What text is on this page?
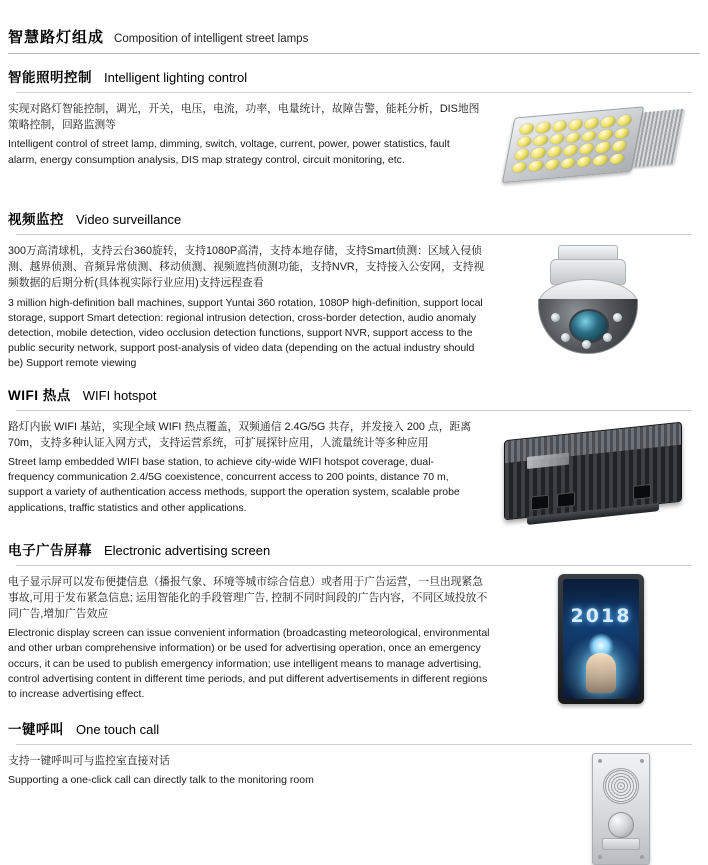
智慧路灯组成 Composition of intelligent street lamps
智能照明控制 Intelligent lighting control

实现对路灯智能控制，调光，开关，电压，电流，功率，电量统计，故障告警，能耗分析，DIS地图策略控制，回路监测等

Intelligent control of street lamp, dimming, switch, voltage, current, power, power statistics, fault alarm, energy consumption analysis, DIS map strategy control, circuit monitoring, etc.

视频监控 Video surveillance

300万高清球机，支持云台360旋转，支持1080P高清，支持本地存储，支持Smart侦测：区域入侵侦测、越界侦测、音频异常侦测、移动侦测、视频遮挡侦测功能，支持NVR，支持接入公安网，支持视频数据的后期分析(具体视实际行业应用)支持远程查看

3 million high-definition ball machines, support Yuntai 360 rotation, 1080P high-definition, support local storage, support Smart detection: regional intrusion detection, cross-border detection, audio anomaly detection, mobile detection, video occlusion detection functions, support NVR, support access to the public security network, support post-analysis of video data (depending on the actual industry should be) Support remote viewing

WIFI 热点 WIFI hotspot

路灯内嵌 WIFI 基站，实现全域 WIFI 热点覆盖，双频通信 2.4G/5G 共存，并发接入 200 点，距离 70m，支持多种认证入网方式，支持运营系统，可扩展探针应用，人流量统计等多种应用

Street lamp embedded WIFI base station, to achieve city-wide WIFI hotspot coverage, dual-frequency communication 2.4/5G coexistence, concurrent access to 200 points, distance 70 m, support a variety of authentication access methods, support the operation system, scalable probe applications, traffic statistics and other applications.

电子广告屏幕 Electronic advertising screen

电子显示屏可以发布便捷信息（播报气象、环境等城市综合信息）或者用于广告运营，一旦出现紧急事故,可用于发布紧急信息; 运用智能化的手段管理广告, 控制不同时间段的广告内容，不同区域投放不同广告,增加广告效应

Electronic display screen can issue convenient information (broadcasting meteorological, environmental and other urban comprehensive information) or be used for advertising operation, once an emergency occurs, it can be used to publish emergency information; use intelligent means to manage advertising, control advertising content in different time periods, and put different advertisements in different regions to increase advertising effect.

2018
一键呼叫 One touch call

支持一键呼叫可与监控室直接对话

Supporting a one-click call can directly talk to the monitoring room
